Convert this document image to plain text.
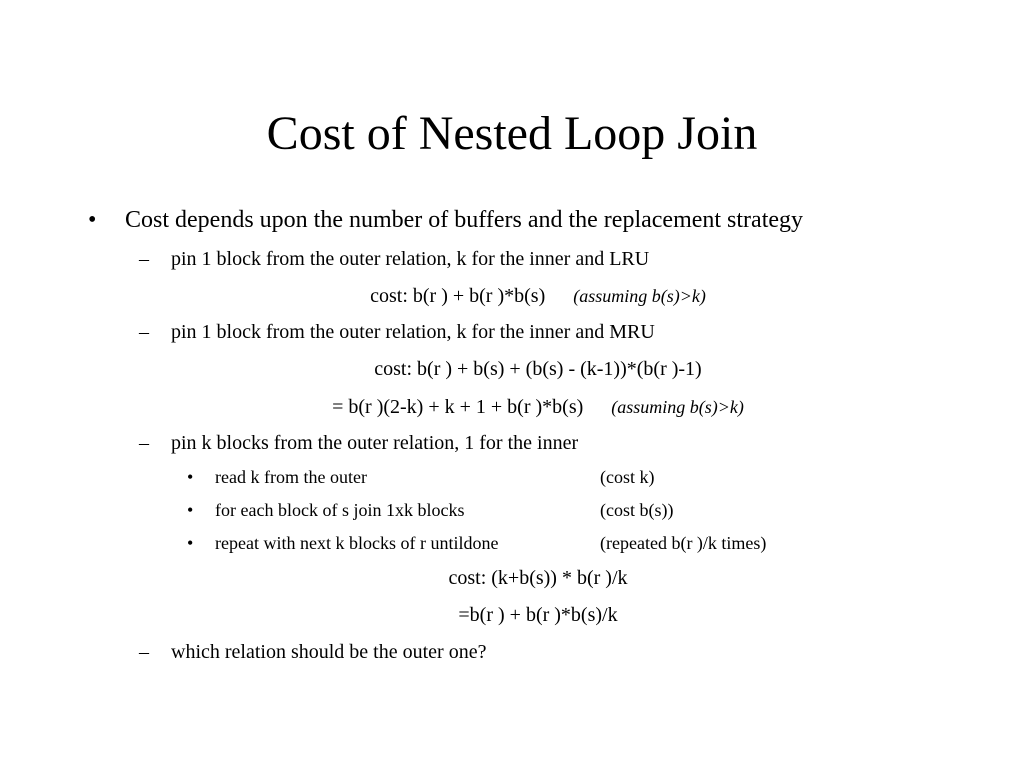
Cost of Nested Loop Join
• Cost depends upon the number of buffers and the replacement strategy
– pin 1 block from the outer relation, k for the inner and LRU
cost: b(r ) + b(r )*b(s) (assuming b(s)>k)
– pin 1 block from the outer relation, k for the inner and MRU
cost: b(r ) + b(s) + (b(s) - (k-1))*(b(r )-1)
= b(r )(2-k) + k + 1 + b(r )*b(s) (assuming b(s)>k)
– pin k blocks from the outer relation, 1 for the inner
• read k from the outer	(cost k)
• for each block of s join 1xk blocks	(cost b(s))
• repeat with next k blocks of r untildone	(repeated b(r )/k times)
cost: (k+b(s)) * b(r )/k
=b(r ) + b(r )*b(s)/k
– which relation should be the outer one?
